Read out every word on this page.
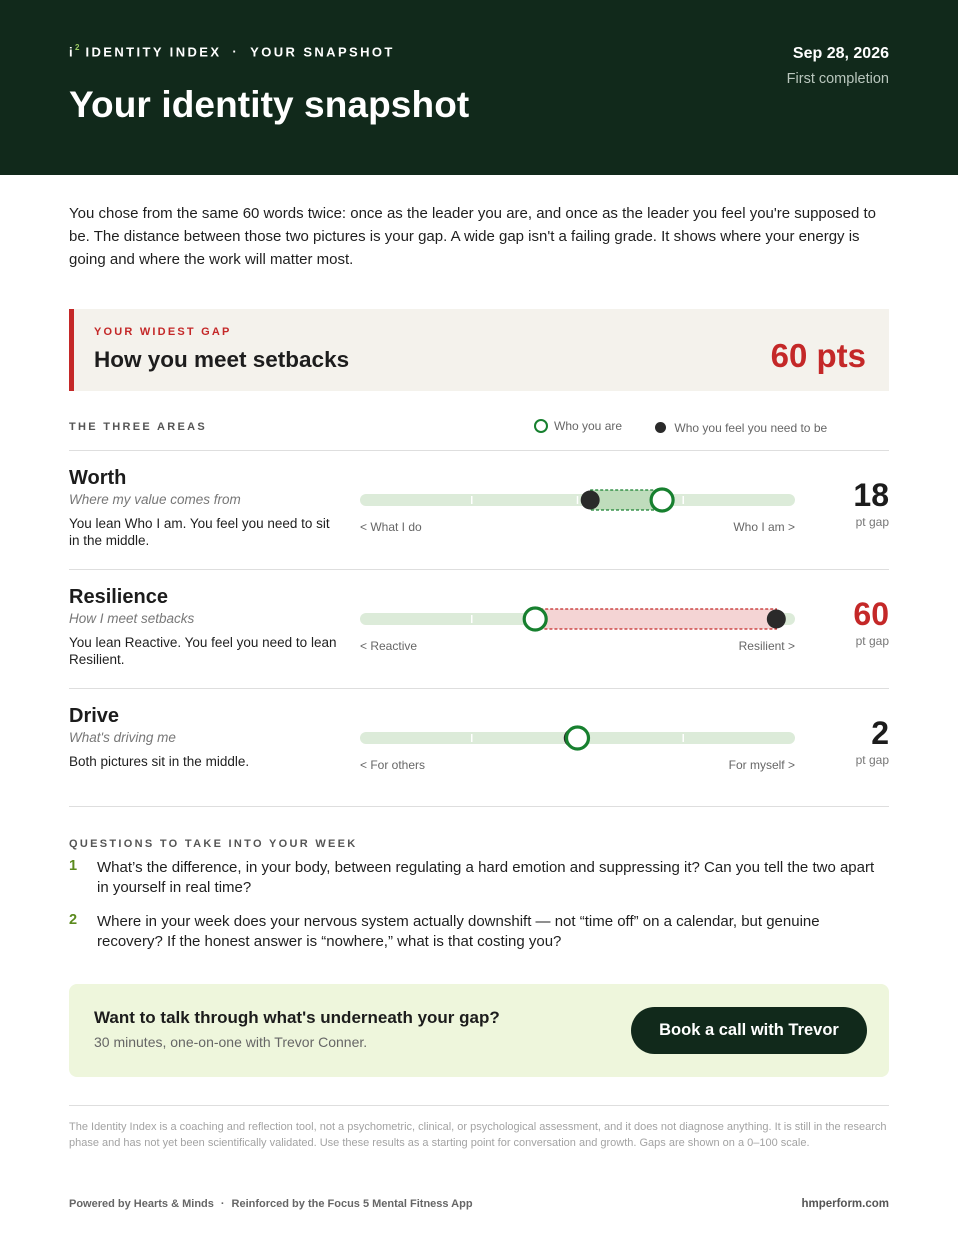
$i^2$ IDENTITY INDEX · YOUR SNAPSHOT
Your identity snapshot
Sep 28, 2026
First completion

You chose from the same 60 words twice: once as the leader you are, and once as the leader you feel you're supposed to be. The distance between those two pictures is your gap. A wide gap isn't a failing grade. It shows where your energy is going and where the work will matter most.

YOUR WIDEST GAP
How you meet setbacks	60 pts
THE THREE AREAS	Who you are
	Who you feel you need to be
Worth
Where my value comes from
You lean Who I am. You feel you need to sit in the middle.
< What I do	Who I am >
18
pt gap
Resilience
How I meet setbacks
You lean Reactive. You feel you need to lean Resilient.
< Reactive	Resilient >
60
pt gap
Drive
What's driving me
Both pictures sit in the middle.	< For others	For myself >
2
pt gap
QUESTIONS TO TAKE INTO YOUR WEEK
1 What’s the difference, in your body, between regulating a hard emotion and suppressing it? Can you tell the two apart in yourself in real time?
2 Where in your week does your nervous system actually downshift — not “time off” on a calendar, but genuine recovery? If the honest answer is “nowhere,” what is that costing you?
Want to talk through what's underneath your gap?
30 minutes, one-on-one with Trevor Conner.
Book a call with Trevor

The Identity Index is a coaching and reflection tool, not a psychometric, clinical, or psychological assessment, and it does not diagnose anything. It is still in the research phase and has not yet been scientifically validated. Use these results as a starting point for conversation and growth. Gaps are shown on a 0–100 scale.

Powered by Hearts & Minds · Reinforced by the Focus 5 Mental Fitness App	hmperform.com
